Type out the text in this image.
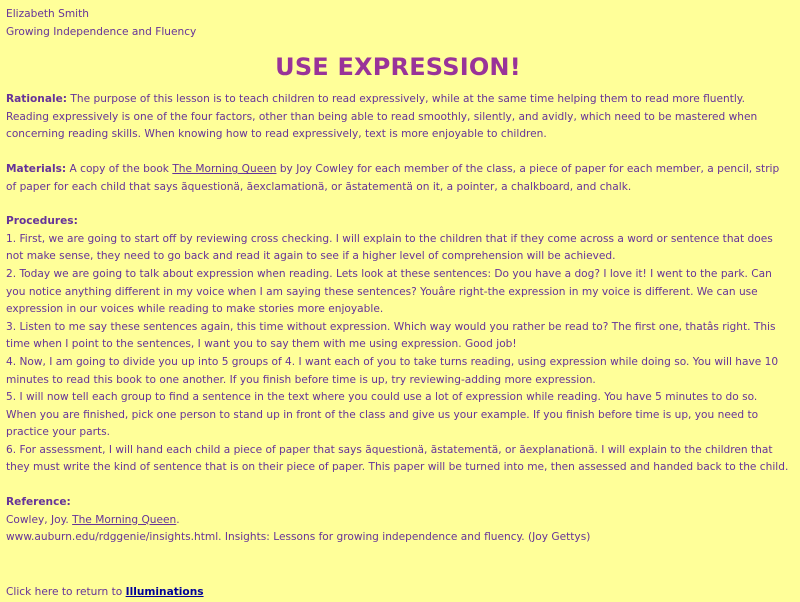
Elizabeth Smith

Growing Independence and Fluency

USE EXPRESSION!

Rationale: The purpose of this lesson is to teach children to read expressively, while at the same time helping them to read more fluently. Reading expressively is one of the four factors, other than being able to read smoothly, silently, and avidly, which need to be mastered when concerning reading skills. When knowing how to read expressively, text is more enjoyable to children.

Materials: A copy of the book The Morning Queen by Joy Cowley for each member of the class, a piece of paper for each member, a pencil, strip of paper for each child that says ãquestionä, ãexclamationä, or ãstatementä on it, a pointer, a chalkboard, and chalk.

Procedures:

1. First, we are going to start off by reviewing cross checking. I will explain to the children that if they come across a word or sentence that does not make sense, they need to go back and read it again to see if a higher level of comprehension will be achieved.

2. Today we are going to talk about expression when reading. Lets look at these sentences: Do you have a dog? I love it! I went to the park. Can you notice anything different in my voice when I am saying these sentences? Youâre right-the expression in my voice is different. We can use expression in our voices while reading to make stories more enjoyable.

3. Listen to me say these sentences again, this time without expression. Which way would you rather be read to? The first one, thatâs right. This time when I point to the sentences, I want you to say them with me using expression. Good job!

4. Now, I am going to divide you up into 5 groups of 4. I want each of you to take turns reading, using expression while doing so. You will have 10 minutes to read this book to one another. If you finish before time is up, try reviewing-adding more expression.

5. I will now tell each group to find a sentence in the text where you could use a lot of expression while reading. You have 5 minutes to do so. When you are finished, pick one person to stand up in front of the class and give us your example. If you finish before time is up, you need to practice your parts.

6. For assessment, I will hand each child a piece of paper that says ãquestionä, ãstatementä, or ãexplanationä. I will explain to the children that they must write the kind of sentence that is on their piece of paper. This paper will be turned into me, then assessed and handed back to the child.

Reference:

Cowley, Joy. The Morning Queen.

www.auburn.edu/rdggenie/insights.html. Insights: Lessons for growing independence and fluency. (Joy Gettys)

Click here to return to Illuminations
